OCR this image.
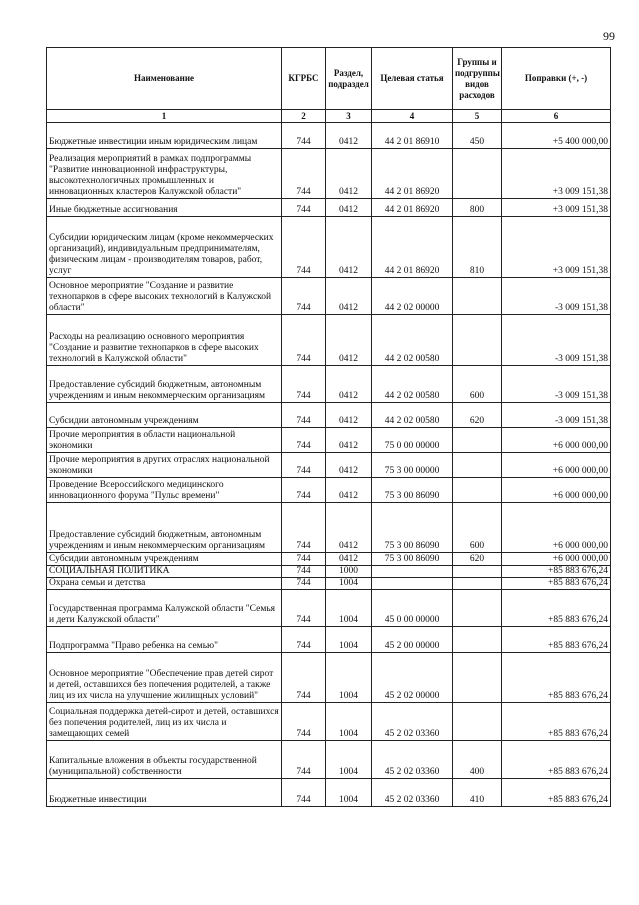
99
Наименование	КГРБС	Раздел, подраздел	Целевая статья	Группы и подгруппы видов расходов	Поправки (+, -)
1	2	3	4	5	6
Бюджетные инвестиции иным юридическим лицам	744	0412	44 2 01 86910	450	+5 400 000,00
Реализация мероприятий в рамках подпрограммы "Развитие инновационной инфраструктуры, высокотехнологичных промышленных и инновационных кластеров Калужской области"	744	0412	44 2 01 86920		+3 009 151,38
Иные бюджетные ассигнования	744	0412	44 2 01 86920	800	+3 009 151,38
Субсидии юридическим лицам (кроме некоммерческих организаций), индивидуальным предпринимателям, физическим лицам - производителям товаров, работ, услуг	744	0412	44 2 01 86920	810	+3 009 151,38
Основное мероприятие "Создание и развитие технопарков в сфере высоких технологий в Калужской области"	744	0412	44 2 02 00000		-3 009 151,38
Расходы на реализацию основного мероприятия "Создание и развитие технопарков в сфере высоких технологий в Калужской области"	744	0412	44 2 02 00580		-3 009 151,38
Предоставление субсидий бюджетным, автономным учреждениям и иным некоммерческим организациям	744	0412	44 2 02 00580	600	-3 009 151,38
Субсидии автономным учреждениям	744	0412	44 2 02 00580	620	-3 009 151,38
Прочие мероприятия в области национальной экономики	744	0412	75 0 00 00000		+6 000 000,00
Прочие мероприятия в других отраслях национальной экономики	744	0412	75 3 00 00000		+6 000 000,00
Проведение Всероссийского медицинского инновационного форума "Пульс времени"	744	0412	75 3 00 86090		+6 000 000,00
Предоставление субсидий бюджетным, автономным учреждениям и иным некоммерческим организациям	744	0412	75 3 00 86090	600	+6 000 000,00
Субсидии автономным учреждениям	744	0412	75 3 00 86090	620	+6 000 000,00
СОЦИАЛЬНАЯ ПОЛИТИКА	744	1000			+85 883 676,24
Охрана семьи и детства	744	1004			+85 883 676,24
Государственная программа Калужской области "Семья и дети Калужской области"	744	1004	45 0 00 00000		+85 883 676,24
Подпрограмма "Право ребенка на семью"	744	1004	45 2 00 00000		+85 883 676,24
Основное мероприятие "Обеспечение прав детей сирот и детей, оставшихся без попечения родителей, а также лиц из их числа на улучшение жилищных условий"	744	1004	45 2 02 00000		+85 883 676,24
Социальная поддержка детей-сирот и детей, оставшихся без попечения родителей, лиц из их числа и замещающих семей	744	1004	45 2 02 03360		+85 883 676,24
Капитальные вложения в объекты государственной (муниципальной) собственности	744	1004	45 2 02 03360	400	+85 883 676,24
Бюджетные инвестиции	744	1004	45 2 02 03360	410	+85 883 676,24
